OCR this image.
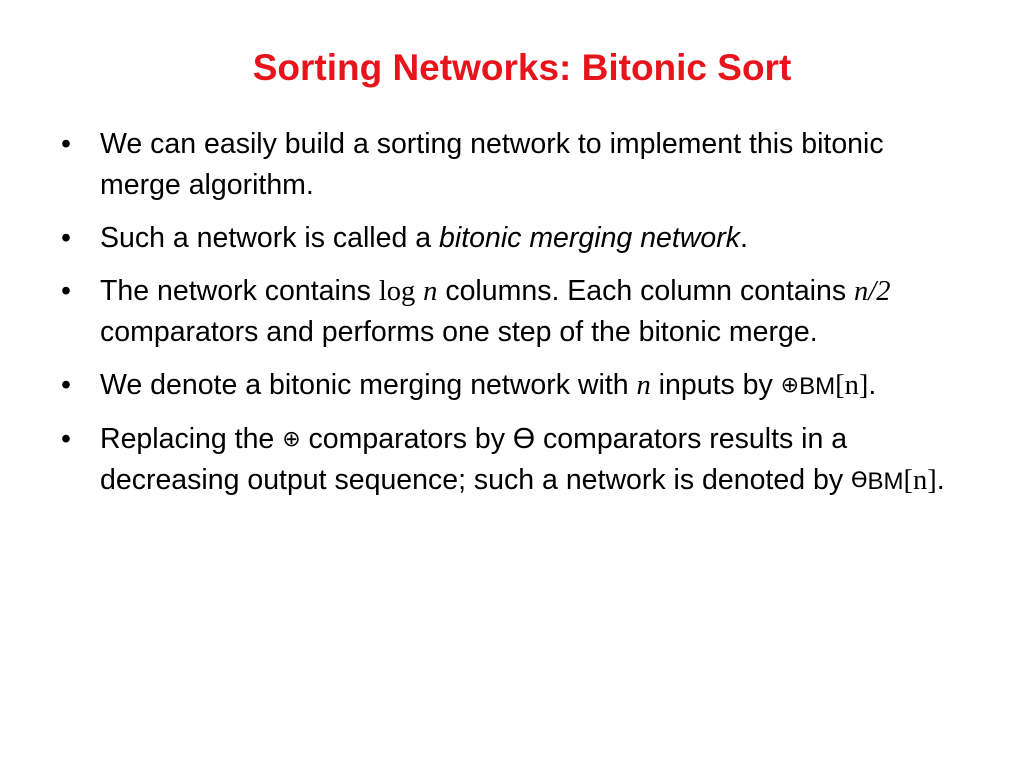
Sorting Networks: Bitonic Sort
• We can easily build a sorting network to implement this bitonic merge algorithm.
• Such a network is called a bitonic merging network.
• The network contains log n columns. Each column contains n/2 comparators and performs one step of the bitonic merge.
• We denote a bitonic merging network with n inputs by ⊕BM[n].
• Replacing the ⊕ comparators by Ө comparators results in a decreasing output sequence; such a network is denoted by ӨBM[n].
